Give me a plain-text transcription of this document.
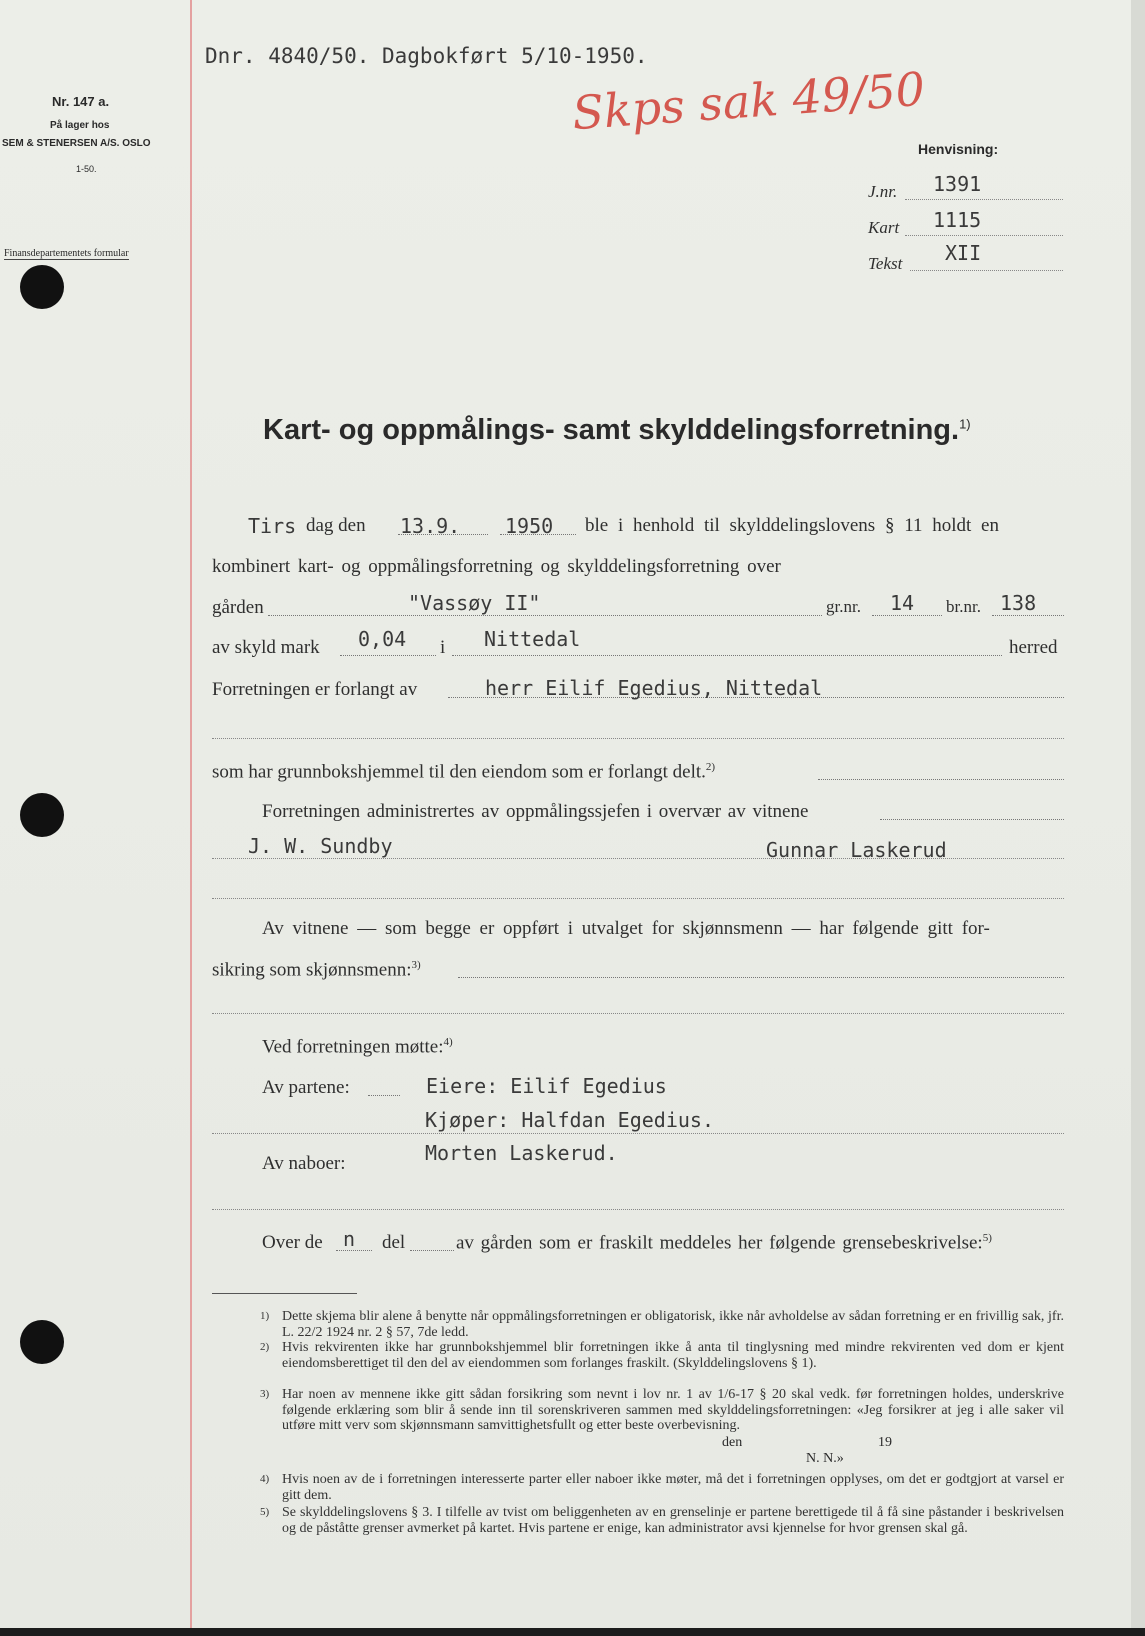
Nr. 147 a.
På lager hos
SEM & STENERSEN A/S. OSLO
1-50.
Finansdepartementets formular
Dnr. 4840/50. Dagbokført 5/10-1950.
Skps sak 49/50
Henvisning:
J.nr. 1391
Kart 1115
Tekst XII
Kart- og oppmålings- samt skylddelingsforretning.$^{1)}$
Tirs dag den 13.9. 1950 ble i henhold til skylddelingslovens § 11 holdt en
kombinert kart- og oppmålingsforretning og skylddelingsforretning over
gården	"Vassøy II"	gr.nr. 14 br.nr. 138
av skyld mark 0,04 i Nittedal	herred
Forretningen er forlangt av	herr Eilif Egedius, Nittedal
som har grunnbokshjemmel til den eiendom som er forlangt delt.$^{2)}$
Forretningen administrertes av oppmålingssjefen i overvær av vitnene
J. W. Sundby	Gunnar Laskerud
Av vitnene — som begge er oppført i utvalget for skjønnsmenn — har følgende gitt for-
sikring som skjønnsmenn:$^{3)}$
Ved forretningen møtte:$^{4)}$
Av partene:	Eiere: Eilif Egedius
Kjøper: Halfdan Egedius.
Av naboer:	Morten Laskerud.
Over de n del	av gården som er fraskilt meddeles her følgende grensebeskrivelse:$^{5)}$
1) Dette skjema blir alene å benytte når oppmålingsforretningen er obligatorisk, ikke når avholdelse av sådan forretning er en frivillig sak, jfr. L. 22/2 1924 nr. 2 § 57, 7de ledd.
2) Hvis rekvirenten ikke har grunnbokshjemmel blir forretningen ikke å anta til tinglysning med mindre rekvirenten ved dom er kjent eiendomsberettiget til den del av eiendommen som forlanges fraskilt. (Skylddelingslovens § 1).
3) Har noen av mennene ikke gitt sådan forsikring som nevnt i lov nr. 1 av 1/6-17 § 20 skal vedk. før forretningen holdes, underskrive følgende erklæring som blir å sende inn til sorenskriveren sammen med skylddelingsforretningen: «Jeg forsikrer at jeg i alle saker vil utføre mitt verv som skjønnsmann samvittighetsfullt og etter beste overbevisning.
den	19
N. N.»
4) Hvis noen av de i forretningen interesserte parter eller naboer ikke møter, må det i forretningen opplyses, om det er godtgjort at varsel er gitt dem.
5) Se skylddelingslovens § 3. I tilfelle av tvist om beliggenheten av en grenselinje er partene berettigede til å få sine påstander i beskrivelsen og de påståtte grenser avmerket på kartet. Hvis partene er enige, kan administrator avsi kjennelse for hvor grensen skal gå.
